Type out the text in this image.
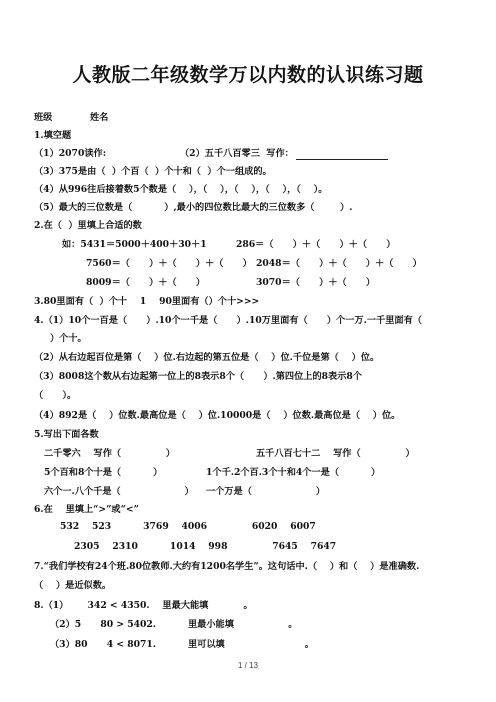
人教版二年级数学万以内数的认识练习题
班级	姓名
1.填空题
（1）2070读作:	（2）五千八百零三  写作：
（3）375是由（  ）个百（  ）个十和（  ）个一组成的。
（4）从996往后接着数5个数是（    ），（    ），（    ），（    ），（    ）。
（5）最大的三位数是（          ）,最小的四位数比最大的三位数多（        ）.
2.在（  ）里填上合适的数
如：5431＝5000＋400＋30＋1	286＝（      ）＋（      ）＋（      ）
7560＝（      ）＋（      ）＋（      ） 2048＝（      ）＋（      ）＋（      ）
8009＝（      ）＋（      ）	3070＝（      ）＋（      ）
3.80里面有（  ）个十    1    90里面有（）个十>>>
4.（1）10个一百是（      ）.10个一千是（      ）.10万里面有（      ）个一万.一千里面有（
）个十。
（2）从右边起百位是第（    ）位.右边起的第五位是（    ）位.千位是第（    ）位。
（3）8008这个数从右边起第一位上的8表示8个（      ）.第四位上的8表示8个
（      ）。
（4）892是（    ）位数.最高位是（    ）位.10000是（    ）位数.最高位是（    ）位。
5.写出下面各数
二千零六    写作（              ）	五千八百七十二    写作（              ）
5个百和8个十是（          ）	1个千.2个百.3个十和4个一是（          ）
六个一.八个千是（                    ） 一个万是（                    ）
6.在    里填上“>”或“<”
532    523          3769    4006              6020    6007
2305    2310          1014    998              7645    7647
7.“我们学校有24个班.80位教师.大约有1200名学生”。这句话中.（    ）和（    ）是准确数.
（    ）是近似数。
8.（1）      342 < 4350.    里最大能填           。
（2）5      80 > 5402.          里最小能填                 。
（3）80      4 < 8071.          里可以填                         。
1 / 13
